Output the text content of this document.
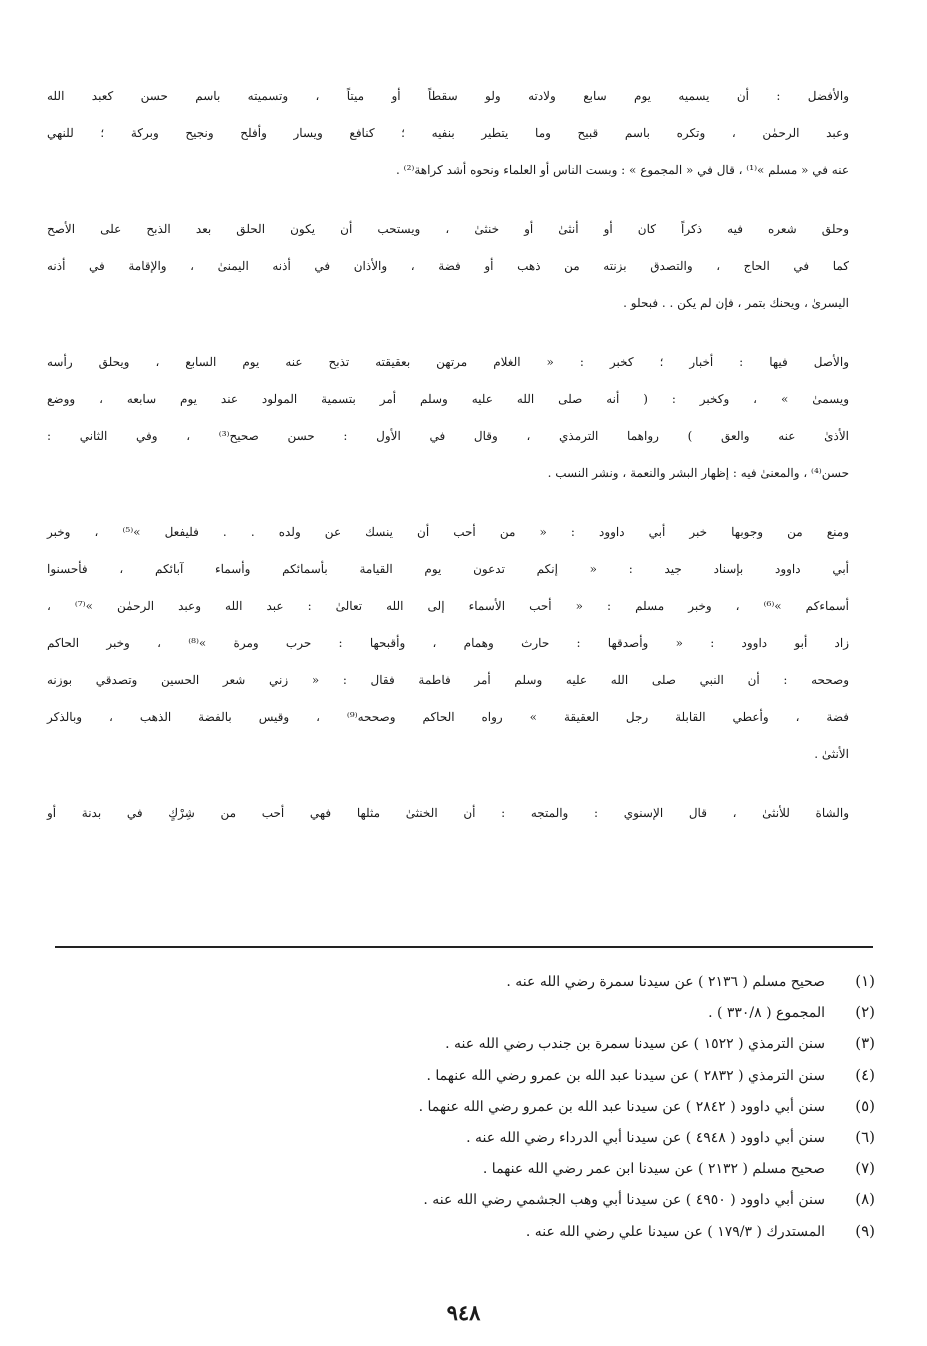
والأفضل : أن يسميه يوم سابع ولادته ولو سقطاً أو ميتاً ، وتسميته باسم حسن كعبد الله
وعبد الرحمٰن ، وتكره باسم قبيح وما يتطير بنفيه ؛ كنافع ويسار وأفلح ونجيح وبركة ؛ للنهي
عنه في « مسلم »⁽¹⁾ ، قال في « المجموع » : وبست الناس أو العلماء ونحوه أشد كراهة⁽²⁾ .

وحلق شعره فيه ذكراً كان أو أنثىٰ أو خنثىٰ ، ويستحب أن يكون الحلق بعد الذبح على الأصح
كما في الحاج ، والتصدق بزنته من ذهب أو فضة ، والأذان في أذنه اليمنىٰ ، والإقامة في أذنه
اليسرىٰ ، ويحنك بتمر ، فإن لم يكن . . فبحلو .

والأصل فيها : أخبار ؛ كخبر : « الغلام مرتهن بعقيقته تذبح عنه يوم السابع ، ويحلق رأسه
ويسمىٰ » ، وكخبر : ( أنه صلى الله عليه وسلم أمر بتسمية المولود عند يوم سابعه ، ووضع
الأذىٰ عنه والعق ) رواهما الترمذي ، وقال في الأول : حسن صحيح⁽³⁾ ، وفي الثاني :
حسن⁽⁴⁾ ، والمعنىٰ فيه : إظهار البشر والنعمة ، ونشر النسب .

ومنع من وجوبها خبر أبي داوود : « من أحب أن ينسك عن ولده . . فليفعل »⁽⁵⁾ ، وخبر
أبي داوود بإسناد جيد : « إنكم تدعون يوم القيامة بأسمائكم وأسماء آبائكم ، فأحسنوا
أسماءكم »⁽⁶⁾ ، وخبر مسلم : « أحب الأسماء إلى الله تعالىٰ : عبد الله وعبد الرحمٰن »⁽⁷⁾ ،
زاد أبو داوود : « وأصدقها : حارث وهمام ، وأقبحها : حرب ومرة »⁽⁸⁾ ، وخبر الحاكم
وصححه : أن النبي صلى الله عليه وسلم أمر فاطمة فقال : « زني شعر الحسين وتصدقي بوزنه
فضة ، وأعطي القابلة رجل العقيقة » رواه الحاكم وصححه⁽⁹⁾ ، وقيس بالفضة الذهب ، وبالذكر
الأنثىٰ .

والشاة للأنثىٰ ، قال الإسنوي : والمتجه : أن الخنثىٰ مثلها فهي أحب من شِرْكٍ في بدنة أو

(١)
صحيح مسلم ( ٢١٣٦ ) عن سيدنا سمرة رضي الله عنه .
(٢)
المجموع ( ٣٣٠/٨ ) .
(٣)
سنن الترمذي ( ١٥٢٢ ) عن سيدنا سمرة بن جندب رضي الله عنه .
(٤)
سنن الترمذي ( ٢٨٣٢ ) عن سيدنا عبد الله بن عمرو رضي الله عنهما .
(٥)
سنن أبي داوود ( ٢٨٤٢ ) عن سيدنا عبد الله بن عمرو رضي الله عنهما .
(٦)
سنن أبي داوود ( ٤٩٤٨ ) عن سيدنا أبي الدرداء رضي الله عنه .
(٧)
صحيح مسلم ( ٢١٣٢ ) عن سيدنا ابن عمر رضي الله عنهما .
(٨)
سنن أبي داوود ( ٤٩٥٠ ) عن سيدنا أبي وهب الجشمي رضي الله عنه .
(٩)
المستدرك ( ١٧٩/٣ ) عن سيدنا علي رضي الله عنه .
٩٤٨
